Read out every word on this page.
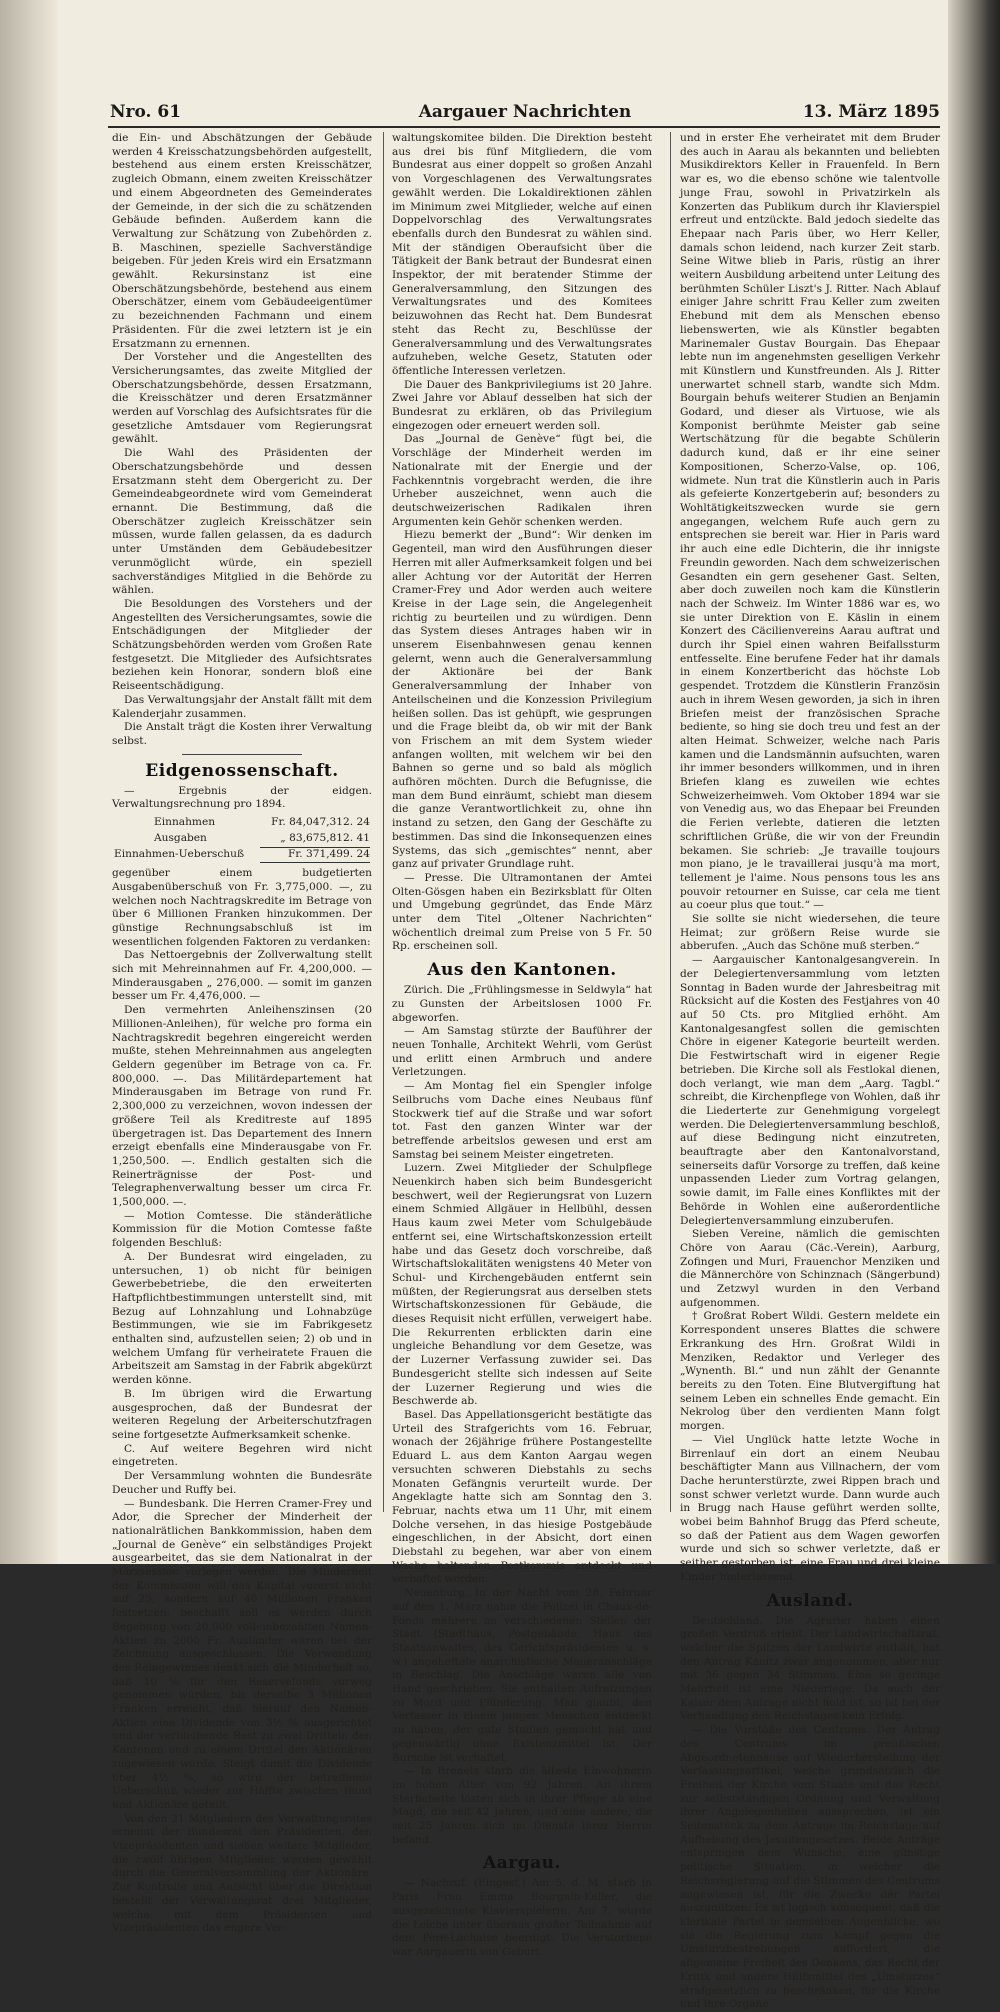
Nro. 61	Aargauer Nachrichten	13. März 1895

die Ein- und Abschätzungen der Gebäude werden 4 Kreisschatzungsbehörden aufgestellt, bestehend aus einem ersten Kreisschätzer, zugleich Obmann, einem zweiten Kreisschätzer und einem Abgeordneten des Gemeinderates der Gemeinde, in der sich die zu schätzenden Gebäude befinden. Außerdem kann die Verwaltung zur Schätzung von Zubehörden z. B. Maschinen, spezielle Sachverständige beigeben. Für jeden Kreis wird ein Ersatzmann gewählt. Rekursinstanz ist eine Oberschätzungsbehörde, bestehend aus einem Oberschätzer, einem vom Gebäudeeigentümer zu bezeichnenden Fachmann und einem Präsidenten. Für die zwei letztern ist je ein Ersatzmann zu ernennen.

Der Vorsteher und die Angestellten des Versicherungsamtes, das zweite Mitglied der Oberschatzungsbehörde, dessen Ersatzmann, die Kreisschätzer und deren Ersatzmänner werden auf Vorschlag des Aufsichtsrates für die gesetzliche Amtsdauer vom Regierungsrat gewählt.

Die Wahl des Präsidenten der Oberschatzungsbehörde und dessen Ersatzmann steht dem Obergericht zu. Der Gemeindeabgeordnete wird vom Gemeinderat ernannt. Die Bestimmung, daß die Oberschätzer zugleich Kreisschätzer sein müssen, wurde fallen gelassen, da es dadurch unter Umständen dem Gebäudebesitzer verunmöglicht würde, ein speziell sachverständiges Mitglied in die Behörde zu wählen.

Die Besoldungen des Vorstehers und der Angestellten des Versicherungsamtes, sowie die Entschädigungen der Mitglieder der Schätzungsbehörden werden vom Großen Rate festgesetzt. Die Mitglieder des Aufsichtsrates beziehen kein Honorar, sondern bloß eine Reiseentschädigung.

Das Verwaltungsjahr der Anstalt fällt mit dem Kalenderjahr zusammen.

Die Anstalt trägt die Kosten ihrer Verwaltung selbst.

Eidgenossenschaft.

— Ergebnis der eidgen. Verwaltungsrechnung pro 1894.

Einnahmen	Fr. 84,047,312. 24
Ausgaben	„ 83,675,812. 41
Einnahmen-Ueberschuß	Fr. 371,499. 24

gegenüber einem budgetierten Ausgabenüberschuß von Fr. 3,775,000. —, zu welchen noch Nachtragskredite im Betrage von über 6 Millionen Franken hinzukommen. Der günstige Rechnungsabschluß ist im wesentlichen folgenden Faktoren zu verdanken:

Das Nettoergebnis der Zollverwaltung stellt sich mit Mehreinnahmen auf Fr. 4,200,000. — Minderausgaben „ 276,000. — somit im ganzen besser um Fr. 4,476,000. —

Den vermehrten Anleihenszinsen (20 Millionen-Anleihen), für welche pro forma ein Nachtragskredit begehren eingereicht werden mußte, stehen Mehreinnahmen aus angelegten Geldern gegenüber im Betrage von ca. Fr. 800,000. —. Das Militärdepartement hat Minderausgaben im Betrage von rund Fr. 2,300,000 zu verzeichnen, wovon indessen der größere Teil als Kreditreste auf 1895 übergetragen ist. Das Departement des Innern erzeigt ebenfalls eine Minderausgabe von Fr. 1,250,500. —. Endlich gestalten sich die Reinerträgnisse der Post- und Telegraphenverwaltung besser um circa Fr. 1,500,000. —.

— Motion Comtesse. Die ständerätliche Kommission für die Motion Comtesse faßte folgenden Beschluß:

A. Der Bundesrat wird eingeladen, zu untersuchen, 1) ob nicht für beinigen Gewerbebetriebe, die den erweiterten Haftpflichtbestimmungen unterstellt sind, mit Bezug auf Lohnzahlung und Lohnabzüge Bestimmungen, wie sie im Fabrikgesetz enthalten sind, aufzustellen seien; 2) ob und in welchem Umfang für verheiratete Frauen die Arbeitszeit am Samstag in der Fabrik abgekürzt werden könne.

B. Im übrigen wird die Erwartung ausgesprochen, daß der Bundesrat der weiteren Regelung der Arbeiterschutzfragen seine fortgesetzte Aufmerksamkeit schenke.

C. Auf weitere Begehren wird nicht eingetreten.

Der Versammlung wohnten die Bundesräte Deucher und Ruffy bei.

— Bundesbank. Die Herren Cramer-Frey und Ador, die Sprecher der Minderheit der nationalrätlichen Bankkommission, haben dem „Journal de Genève“ ein selbständiges Projekt ausgearbeitet, das sie dem Nationalrat in der Märzsession vorlegen werden. Die Minderheit der Kommission will das Kapital vorerst nicht auf 25, sondern auf 40 Millionen Franken festsetzen; beschafft soll es werden durch Begebung von 20,000 volleinbezahlten Namen-Aktien zu 2000 Fr. Ausländer wären bei der Zeichnung ausgeschlossen. Die Verwendung des Reingewinnes denkt sich die Minderheit so, daß 10 % für den Reservefonds vorweg genommen würden, bis derselbe 3 Millionen Franken erreicht, daß hierauf den Namen-Aktien eine Dividende von 3½ % ausgerichtet und der verbleibende Rest zu zwei Dritteln den Kantonen und zu einem Drittel den Aktionären zugewiesen würde. Steigt damit die Dividende über 4½ %, so wird der betreffende Ueberschuß wieder zur Hälfte zwischen Bund und Aktionäre geteilt.

Von den 21 Mitgliedern des Verwaltungsrates ernennt der Bundesrat den Präsidenten, den Vizepräsidenten und sieben weitere Mitglieder, die zwölf übrigen Mitglieder werden gewählt durch die Generalversammlung der Aktionäre. Zur Kontrolle und Aufsicht über die Direktion bestellt der Verwaltungsrat drei Mitglieder, welche mit dem Präsidenten und Vizepräsidenten das engere Ver-

waltungskomitee bilden. Die Direktion besteht aus drei bis fünf Mitgliedern, die vom Bundesrat aus einer doppelt so großen Anzahl von Vorgeschlagenen des Verwaltungsrates gewählt werden. Die Lokaldirektionen zählen im Minimum zwei Mitglieder, welche auf einen Doppelvorschlag des Verwaltungsrates ebenfalls durch den Bundesrat zu wählen sind. Mit der ständigen Oberaufsicht über die Tätigkeit der Bank betraut der Bundesrat einen Inspektor, der mit beratender Stimme der Generalversammlung, den Sitzungen des Verwaltungsrates und des Komitees beizuwohnen das Recht hat. Dem Bundesrat steht das Recht zu, Beschlüsse der Generalversammlung und des Verwaltungsrates aufzuheben, welche Gesetz, Statuten oder öffentliche Interessen verletzen.

Die Dauer des Bankprivilegiums ist 20 Jahre. Zwei Jahre vor Ablauf desselben hat sich der Bundesrat zu erklären, ob das Privilegium eingezogen oder erneuert werden soll.

Das „Journal de Genève“ fügt bei, die Vorschläge der Minderheit werden im Nationalrate mit der Energie und der Fachkenntnis vorgebracht werden, die ihre Urheber auszeichnet, wenn auch die deutschweizerischen Radikalen ihren Argumenten kein Gehör schenken werden.

Hiezu bemerkt der „Bund“: Wir denken im Gegenteil, man wird den Ausführungen dieser Herren mit aller Aufmerksamkeit folgen und bei aller Achtung vor der Autorität der Herren Cramer-Frey und Ador werden auch weitere Kreise in der Lage sein, die Angelegenheit richtig zu beurteilen und zu würdigen. Denn das System dieses Antrages haben wir in unserem Eisenbahnwesen genau kennen gelernt, wenn auch die Generalversammlung der Aktionäre bei der Bank Generalversammlung der Inhaber von Anteilscheinen und die Konzession Privilegium heißen sollen. Das ist gehüpft, wie gesprungen und die Frage bleibt da, ob wir mit der Bank von Frischem an mit dem System wieder anfangen wollten, mit welchem wir bei den Bahnen so gerne und so bald als möglich aufhören möchten. Durch die Befugnisse, die man dem Bund einräumt, schiebt man diesem die ganze Verantwortlichkeit zu, ohne ihn instand zu setzen, den Gang der Geschäfte zu bestimmen. Das sind die Inkonsequenzen eines Systems, das sich „gemischtes“ nennt, aber ganz auf privater Grundlage ruht.

— Presse. Die Ultramontanen der Amtei Olten-Gösgen haben ein Bezirksblatt für Olten und Umgebung gegründet, das Ende März unter dem Titel „Oltener Nachrichten“ wöchentlich dreimal zum Preise von 5 Fr. 50 Rp. erscheinen soll.

Aus den Kantonen.

Zürich. Die „Frühlingsmesse in Seldwyla“ hat zu Gunsten der Arbeitslosen 1000 Fr. abgeworfen.

— Am Samstag stürzte der Bauführer der neuen Tonhalle, Architekt Wehrli, vom Gerüst und erlitt einen Armbruch und andere Verletzungen.

— Am Montag fiel ein Spengler infolge Seilbruchs vom Dache eines Neubaus fünf Stockwerk tief auf die Straße und war sofort tot. Fast den ganzen Winter war der betreffende arbeitslos gewesen und erst am Samstag bei seinem Meister eingetreten.

Luzern. Zwei Mitglieder der Schulpflege Neuenkirch haben sich beim Bundesgericht beschwert, weil der Regierungsrat von Luzern einem Schmied Allgäuer in Hellbühl, dessen Haus kaum zwei Meter vom Schulgebäude entfernt sei, eine Wirtschaftskonzession erteilt habe und das Gesetz doch vorschreibe, daß Wirtschaftslokalitäten wenigstens 40 Meter von Schul- und Kirchengebäuden entfernt sein müßten, der Regierungsrat aus derselben stets Wirtschaftskonzessionen für Gebäude, die dieses Requisit nicht erfüllen, verweigert habe. Die Rekurrenten erblickten darin eine ungleiche Behandlung vor dem Gesetze, was der Luzerner Verfassung zuwider sei. Das Bundesgericht stellte sich indessen auf Seite der Luzerner Regierung und wies die Beschwerde ab.

Basel. Das Appellationsgericht bestätigte das Urteil des Strafgerichts vom 16. Februar, wonach der 26jährige frühere Postangestellte Eduard L. aus dem Kanton Aargau wegen versuchten schweren Diebstahls zu sechs Monaten Gefängnis verurteilt wurde. Der Angeklagte hatte sich am Sonntag den 3. Februar, nachts etwa um 11 Uhr, mit einem Dolche versehen, in das hiesige Postgebäude eingeschlichen, in der Absicht, dort einen Diebstahl zu begehen, war aber von einem Wache haltenden Postkommis entdeckt und verhaftet worden.

Neuenburg. In der Nacht vom 28. Februar auf den 1. März nahm die Polizei in Chaux-de-Fonds mehrere an verschiedenen Stellen der Stadt (Stadthaus, Postgebäude, Haus des Staatsanwaltes, des Gerichtspräsidenten u. s. w.) angeheftete anarchistische Maueranschläge in Beschlag. Die Anschläge waren alle von Hand geschrieben. Sie enthalten Aufreizungen zu Mord und Plünderung. Man glaubt, den Verfasser in einem jungen Menschen entdeckt zu haben, der gute Studien gemacht hat und gegenwärtig ohne Existenzmittel ist. Der Bursche ist verhaftet.

— In Brenets starb die älteste Einwohnerin im hohen Alter von 92 Jahren. An ihrem Sterbebette lösten sich in ihrer Pflege ab eine Magd, die seit 42 Jahren, und eine andere, die seit 25 Jahren sich im Dienste ihrer Herrin befand.

Aargau.

— Nachruf. (Eingesf.) Am 5. d. M. starb in Paris Frau Emma Bourgain-Keller, die ausgezeichnete Klavierspielerin. Am 7. wurde die Leiche unter überaus großer Teilnahme auf dem Père-Lachaise beerdigt. Die Verstorbene war Aargauerin von Geburt

und in erster Ehe verheiratet mit dem Bruder des auch in Aarau als bekannten und beliebten Musikdirektors Keller in Frauenfeld. In Bern war es, wo die ebenso schöne wie talentvolle junge Frau, sowohl in Privatzirkeln als Konzerten das Publikum durch ihr Klavierspiel erfreut und entzückte. Bald jedoch siedelte das Ehepaar nach Paris über, wo Herr Keller, damals schon leidend, nach kurzer Zeit starb. Seine Witwe blieb in Paris, rüstig an ihrer weitern Ausbildung arbeitend unter Leitung des berühmten Schüler Liszt's J. Ritter. Nach Ablauf einiger Jahre schritt Frau Keller zum zweiten Ehebund mit dem als Menschen ebenso liebenswerten, wie als Künstler begabten Marinemaler Gustav Bourgain. Das Ehepaar lebte nun im angenehmsten geselligen Verkehr mit Künstlern und Kunstfreunden. Als J. Ritter unerwartet schnell starb, wandte sich Mdm. Bourgain behufs weiterer Studien an Benjamin Godard, und dieser als Virtuose, wie als Komponist berühmte Meister gab seine Wertschätzung für die begabte Schülerin dadurch kund, daß er ihr eine seiner Kompositionen, Scherzo-Valse, op. 106, widmete. Nun trat die Künstlerin auch in Paris als gefeierte Konzertgeberin auf; besonders zu Wohltätigkeitszwecken wurde sie gern angegangen, welchem Rufe auch gern zu entsprechen sie bereit war. Hier in Paris ward ihr auch eine edle Dichterin, die ihr innigste Freundin geworden. Nach dem schweizerischen Gesandten ein gern gesehener Gast. Selten, aber doch zuweilen noch kam die Künstlerin nach der Schweiz. Im Winter 1886 war es, wo sie unter Direktion von E. Käslin in einem Konzert des Cäcilienvereins Aarau auftrat und durch ihr Spiel einen wahren Beifallssturm entfesselte. Eine berufene Feder hat ihr damals in einem Konzertbericht das höchste Lob gespendet. Trotzdem die Künstlerin Französin auch in ihrem Wesen geworden, ja sich in ihren Briefen meist der französischen Sprache bediente, so hing sie doch treu und fest an der alten Heimat. Schweizer, welche nach Paris kamen und die Landsmännin aufsuchten, waren ihr immer besonders willkommen, und in ihren Briefen klang es zuweilen wie echtes Schweizerheimweh. Vom Oktober 1894 war sie von Venedig aus, wo das Ehepaar bei Freunden die Ferien verlebte, datieren die letzten schriftlichen Grüße, die wir von der Freundin bekamen. Sie schrieb: „Je travaille toujours mon piano, je le travaillerai jusqu'à ma mort, tellement je l'aime. Nous pensons tous les ans pouvoir retourner en Suisse, car cela me tient au coeur plus que tout.“ —

Sie sollte sie nicht wiedersehen, die teure Heimat; zur größern Reise wurde sie abberufen. „Auch das Schöne muß sterben.“

— Aargauischer Kantonalgesangverein. In der Delegiertenversammlung vom letzten Sonntag in Baden wurde der Jahresbeitrag mit Rücksicht auf die Kosten des Festjahres von 40 auf 50 Cts. pro Mitglied erhöht. Am Kantonalgesangfest sollen die gemischten Chöre in eigener Kategorie beurteilt werden. Die Festwirtschaft wird in eigener Regie betrieben. Die Kirche soll als Festlokal dienen, doch verlangt, wie man dem „Aarg. Tagbl.“ schreibt, die Kirchenpflege von Wohlen, daß ihr die Liederterte zur Genehmigung vorgelegt werden. Die Delegiertenversammlung beschloß, auf diese Bedingung nicht einzutreten, beauftragte aber den Kantonalvorstand, seinerseits dafür Vorsorge zu treffen, daß keine unpassenden Lieder zum Vortrag gelangen, sowie damit, im Falle eines Konfliktes mit der Behörde in Wohlen eine außerordentliche Delegiertenversammlung einzuberufen.

Sieben Vereine, nämlich die gemischten Chöre von Aarau (Cäc.-Verein), Aarburg, Zofingen und Muri, Frauenchor Menziken und die Männerchöre von Schinznach (Sängerbund) und Zetzwyl wurden in den Verband aufgenommen.

† Großrat Robert Wildi. Gestern meldete ein Korrespondent unseres Blattes die schwere Erkrankung des Hrn. Großrat Wildi in Menziken, Redaktor und Verleger des „Wynenth. Bl.“ und nun zählt der Genannte bereits zu den Toten. Eine Blutvergiftung hat seinem Leben ein schnelles Ende gemacht. Ein Nekrolog über den verdienten Mann folgt morgen.

— Viel Unglück hatte letzte Woche in Birrenlauf ein dort an einem Neubau beschäftigter Mann aus Villnachern, der vom Dache herunterstürzte, zwei Rippen brach und sonst schwer verletzt wurde. Dann wurde auch in Brugg nach Hause geführt werden sollte, wobei beim Bahnhof Brugg das Pferd scheute, so daß der Patient aus dem Wagen geworfen wurde und sich so schwer verletzte, daß er seither gestorben ist, eine Frau und drei kleine Kinder hinterlassend.

Ausland.

Deutschland. Die Agrarier haben einen großen Verdruß erlebt. Der Landwirtschaftsrat, welcher die Spitzen der Landwirte enthält, hat den Antrag Kanitz zwar angenommen, aber nur mit 36 gegen 34 Stimmen. Eine so geringe Mehrheit ist eine Niederlage. Da auch der Kaiser dem Antrage nicht hold ist, so ist bei der Verhandlung des Reichstages kein Erfolg.

— Die Vorstöße des Centrums. Der Antrag des Centrums im preußischen Abgeordnetenhause auf Wiederherstellung der Verfassungsartikel, welche grundsätzlich die Freiheit der Kirche vom Staate und das Recht zur selbstständigen Ordnung und Verwaltung ihrer Angelegenheiten aussprechen, ist ein Seitenstück zu dem Antrage im Reichstage auf Aufhebung des Jesuitengesetzes. Beide Anträge entspringen dem Wunsche, eine günstige politische Situation, in welcher die Reichsregierung auf die Stimmen des Centrums angewiesen ist, für die Zwecke der Partei auszunützen. Es ist logisch konsequent, daß die klerikale Partei in demselben Augenblicke, wo sie die Regierung zum Kampf gegen die Umsturzbestrebungen auffordert, die allgemeine Freiheit des Denkens, das Recht der Kritik und andere Hülfsmittel des „Umsturzes“ strafgesetzlich zu beschränken, für die Kirche und ihre Organe
